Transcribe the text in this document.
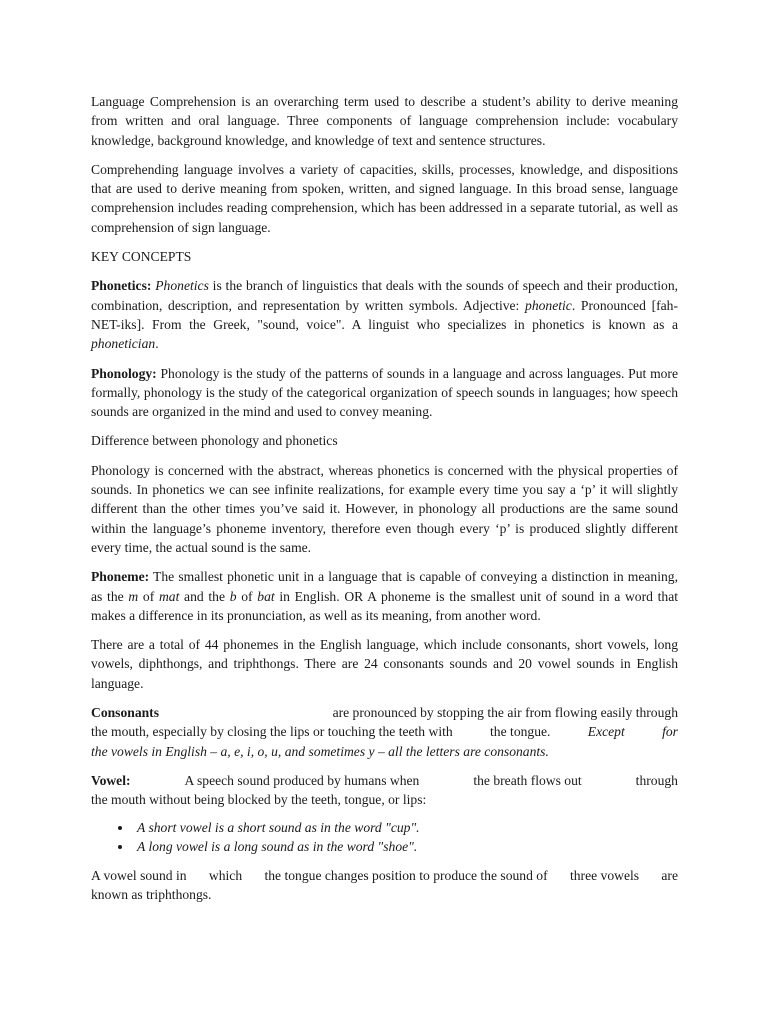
Language Comprehension is an overarching term used to describe a student’s ability to derive meaning from written and oral language. Three components of language comprehension include: vocabulary knowledge, background knowledge, and knowledge of text and sentence structures.

Comprehending language involves a variety of capacities, skills, processes, knowledge, and dispositions that are used to derive meaning from spoken, written, and signed language. In this broad sense, language comprehension includes reading comprehension, which has been addressed in a separate tutorial, as well as comprehension of sign language.

KEY CONCEPTS

Phonetics: Phonetics is the branch of linguistics that deals with the sounds of speech and their production, combination, description, and representation by written symbols. Adjective: phonetic. Pronounced [fah-NET-iks]. From the Greek, "sound, voice". A linguist who specializes in phonetics is known as a phonetician.

Phonology: Phonology is the study of the patterns of sounds in a language and across languages. Put more formally, phonology is the study of the categorical organization of speech sounds in languages; how speech sounds are organized in the mind and used to convey meaning.

Difference between phonology and phonetics

Phonology is concerned with the abstract, whereas phonetics is concerned with the physical properties of sounds. In phonetics we can see infinite realizations, for example every time you say a ‘p’ it will slightly different than the other times you’ve said it. However, in phonology all productions are the same sound within the language’s phoneme inventory, therefore even though every ‘p’ is produced slightly different every time, the actual sound is the same.

Phoneme: The smallest phonetic unit in a language that is capable of conveying a distinction in meaning, as the m of mat and the b of bat in English. OR A phoneme is the smallest unit of sound in a word that makes a difference in its pronunciation, as well as its meaning, from another word.

There are a total of 44 phonemes in the English language, which include consonants, short vowels, long vowels, diphthongs, and triphthongs. There are 24 consonants sounds and 20 vowel sounds in English language.

Consonants	are pronounced by stopping the air from flowing easily through
the mouth, especially by closing the lips or touching the teeth with	the tongue.	Except	for
the vowels in English – a, e, i, o, u, and sometimes y – all the letters are consonants.
Vowel:	A speech sound produced by humans when	the breath flows out	through
the mouth without being blocked by the teeth, tongue, or lips:
• A short vowel is a short sound as in the word "cup".
• A long vowel is a long sound as in the word "shoe".
A vowel sound in which the tongue changes position to produce the sound of three vowels are
known as triphthongs.
